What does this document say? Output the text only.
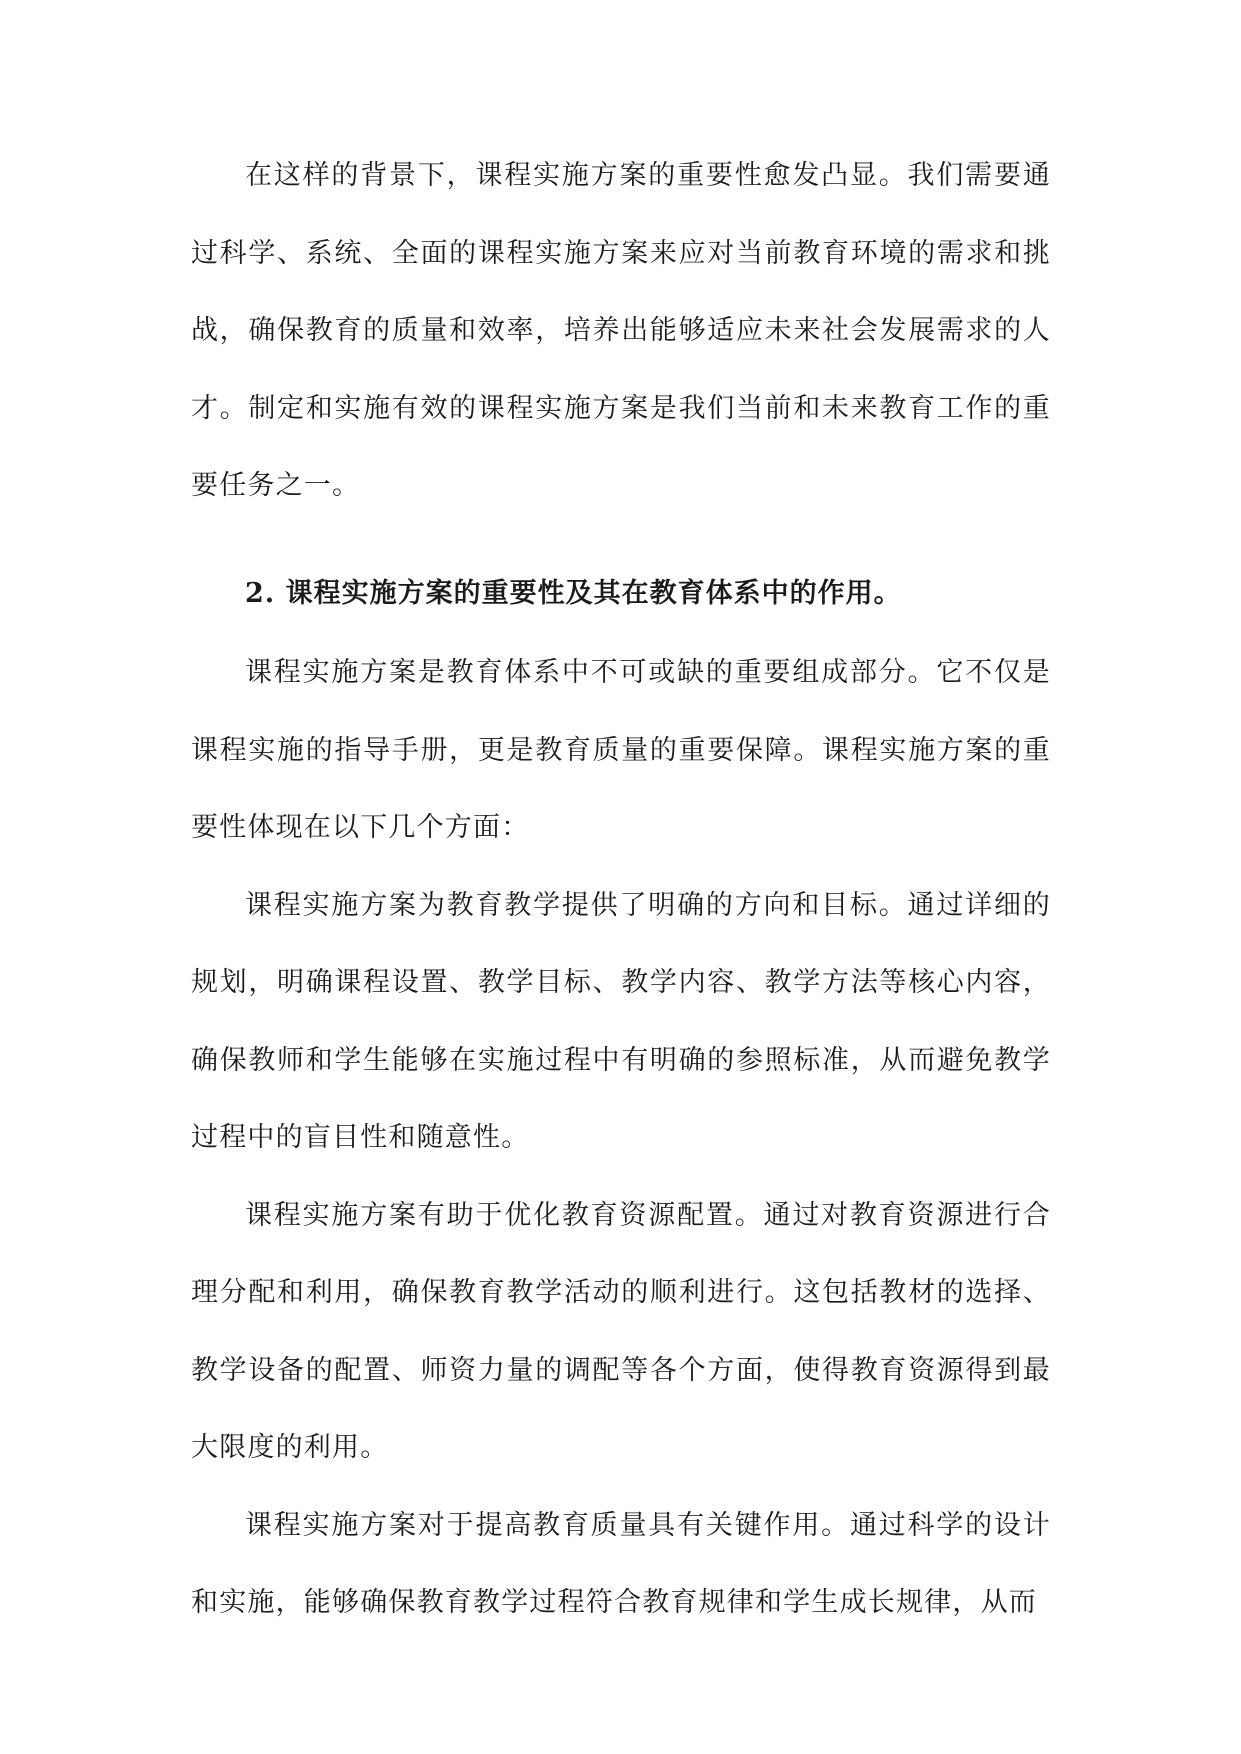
在这样的背景下，课程实施方案的重要性愈发凸显。我们需要通过科学、系统、全面的课程实施方案来应对当前教育环境的需求和挑战，确保教育的质量和效率，培养出能够适应未来社会发展需求的人才。制定和实施有效的课程实施方案是我们当前和未来教育工作的重要任务之一。

2. 课程实施方案的重要性及其在教育体系中的作用。

课程实施方案是教育体系中不可或缺的重要组成部分。它不仅是课程实施的指导手册，更是教育质量的重要保障。课程实施方案的重要性体现在以下几个方面：

课程实施方案为教育教学提供了明确的方向和目标。通过详细的规划，明确课程设置、教学目标、教学内容、教学方法等核心内容，确保教师和学生能够在实施过程中有明确的参照标准，从而避免教学过程中的盲目性和随意性。

课程实施方案有助于优化教育资源配置。通过对教育资源进行合理分配和利用，确保教育教学活动的顺利进行。这包括教材的选择、教学设备的配置、师资力量的调配等各个方面，使得教育资源得到最大限度的利用。

课程实施方案对于提高教育质量具有关键作用。通过科学的设计和实施，能够确保教育教学过程符合教育规律和学生成长规律，从而
